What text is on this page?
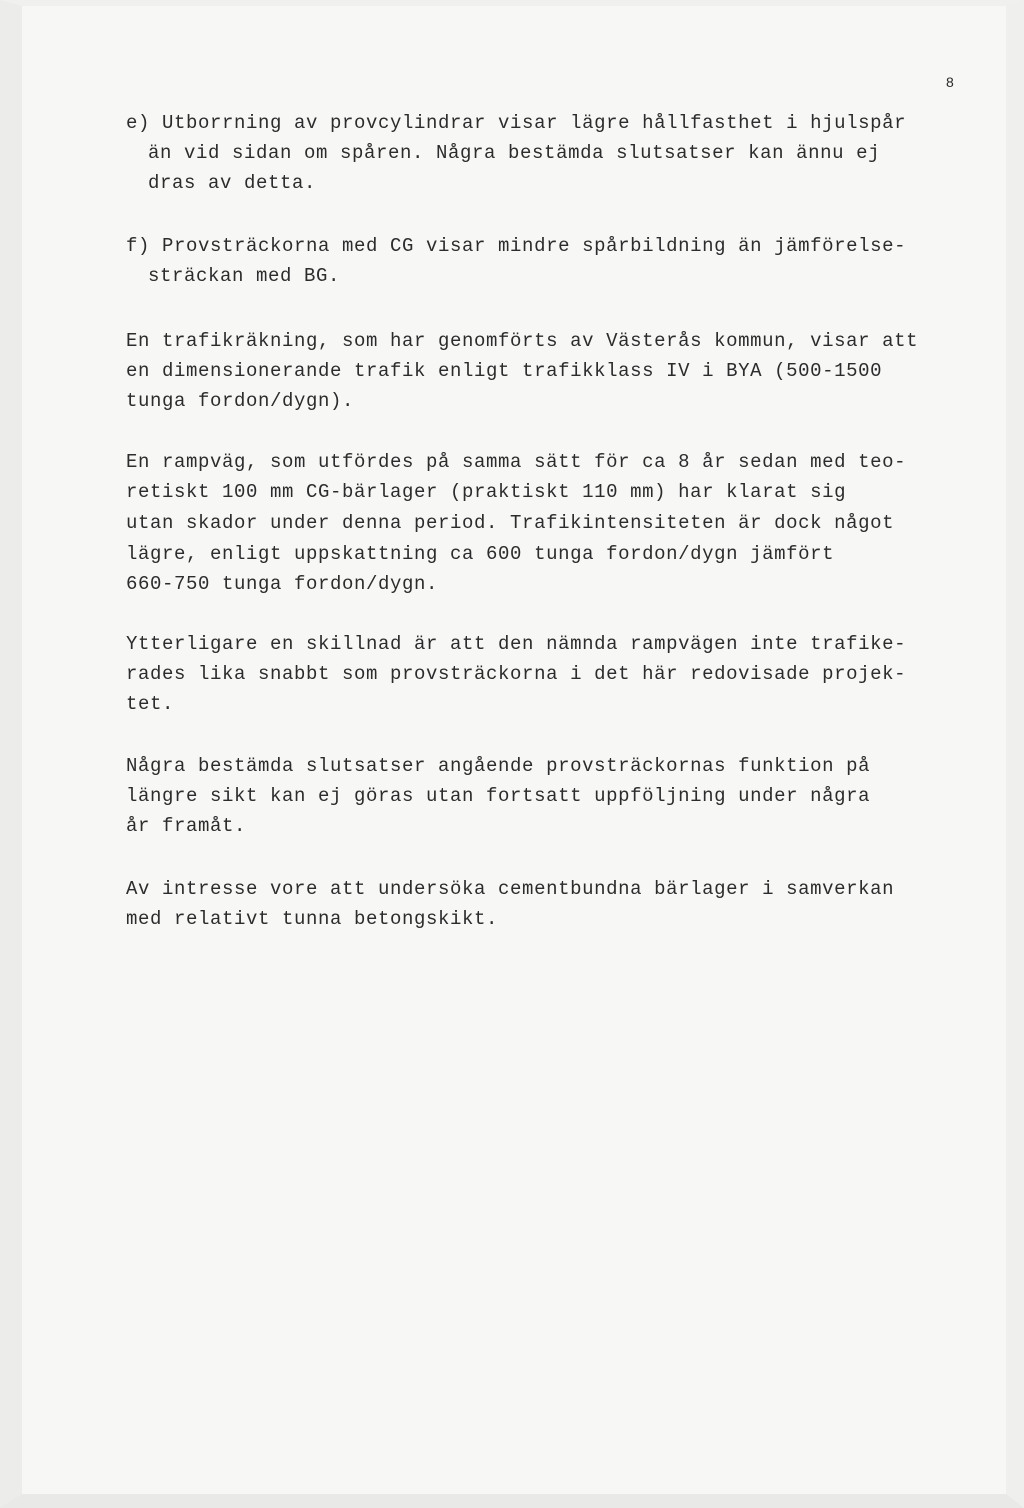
8
e) Utborrning av provcylindrar visar lägre hållfasthet i hjulspår
än vid sidan om spåren. Några bestämda slutsatser kan ännu ej
dras av detta.
f) Provsträckorna med CG visar mindre spårbildning än jämförelse-
sträckan med BG.
En trafikräkning, som har genomförts av Västerås kommun, visar att
en dimensionerande trafik enligt trafikklass IV i BYA (500-1500
tunga fordon/dygn).
En rampväg, som utfördes på samma sätt för ca 8 år sedan med teo-
retiskt 100 mm CG-bärlager (praktiskt 110 mm) har klarat sig
utan skador under denna period. Trafikintensiteten är dock något
lägre, enligt uppskattning ca 600 tunga fordon/dygn jämfört
660-750 tunga fordon/dygn.
Ytterligare en skillnad är att den nämnda rampvägen inte trafike-
rades lika snabbt som provsträckorna i det här redovisade projek-
tet.
Några bestämda slutsatser angående provsträckornas funktion på
längre sikt kan ej göras utan fortsatt uppföljning under några
år framåt.
Av intresse vore att undersöka cementbundna bärlager i samverkan
med relativt tunna betongskikt.
